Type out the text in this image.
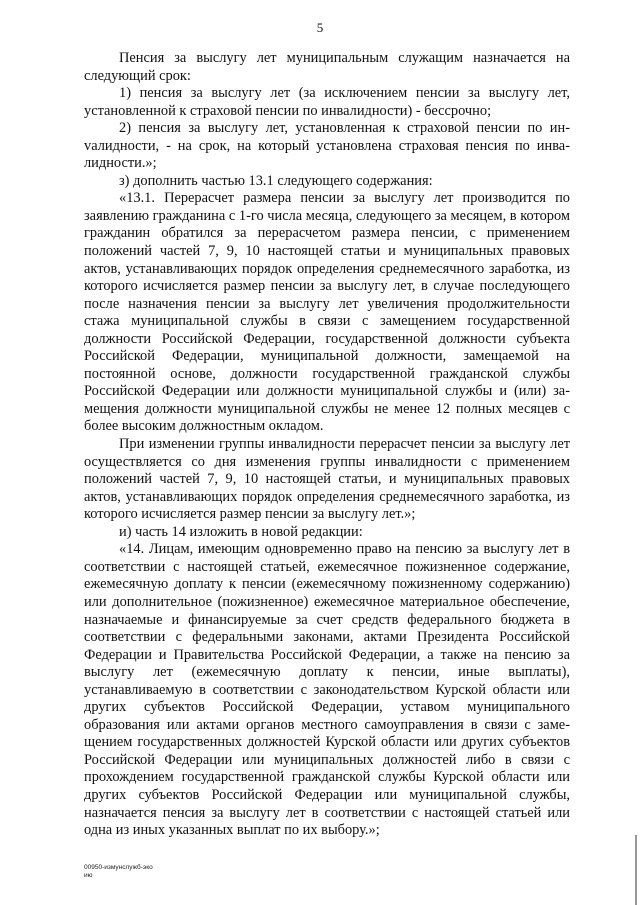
5

Пенсия за выслугу лет муниципальным служащим назначается на следующий срок:

1) пенсия за выслугу лет (за исключением пенсии за выслугу лет, установленной к страховой пенсии по инвалидности) - бессрочно;

2) пенсия за выслугу лет, установленная к страховой пенсии по инvалидности, - на срок, на который установлена страховая пенсия по инвалидности.»;

з) дополнить частью 13.1 следующего содержания:

«13.1. Перерасчет размера пенсии за выслугу лет производится по заявлению гражданина с 1-го числа месяца, следующего за месяцем, в котором гражданин обратился за перерасчетом размера пенсии, с применением положений частей 7, 9, 10 настоящей статьи и муниципальных правовых актов, устанавливающих порядок определения среднемесячного заработка, из которого исчисляется размер пенсии за выслугу лет, в случае последующего после назначения пенсии за выслугу лет увеличения продолжительности стажа муниципальной службы в связи с замещением государственной должности Российской Федерации, государственной должности субъекта Российской Федерации, муниципальной должности, замещаемой на постоянной основе, должности государственной гражданской службы Российской Федерации или должности муниципальной службы и (или) замещения должности муниципальной службы не менее 12 полных месяцев с более высоким должностным окладом.

При изменении группы инвалидности перерасчет пенсии за выслугу лет осуществляется со дня изменения группы инвалидности с применением положений частей 7, 9, 10 настоящей статьи, и муниципальных правовых актов, устанавливающих порядок определения среднемесячного заработка, из которого исчисляется размер пенсии за выслугу лет.»;

и) часть 14 изложить в новой редакции:

«14. Лицам, имеющим одновременно право на пенсию за выслугу лет в соответствии с настоящей статьей, ежемесячное пожизненное содержание, ежемесячную доплату к пенсии (ежемесячному пожизненному содержанию) или дополнительное (пожизненное) ежемесячное материальное обеспечение, назначаемые и финансируемые за счет средств федерального бюджета в соответствии с федеральными законами, актами Президента Российской Федерации и Правительства Российской Федерации, а также на пенсию за выслугу лет (ежемесячную доплату к пенсии, иные выплаты), устанавливаемую в соответствии с законодательством Курской области или других субъектов Российской Федерации, уставом муниципального образования или актами органов местного самоуправления в связи с замещением государственных должностей Курской области или других субъектов Российской Федерации или муниципальных должностей либо в связи с прохождением государственной гражданской службы Курской области или других субъектов Российской Федерации или муниципальной службы, назначается пенсия за выслугу лет в соответствии с настоящей статьей или одна из иных указанных выплат по их выбору.»;

00950-измунслужб-эко
ию
